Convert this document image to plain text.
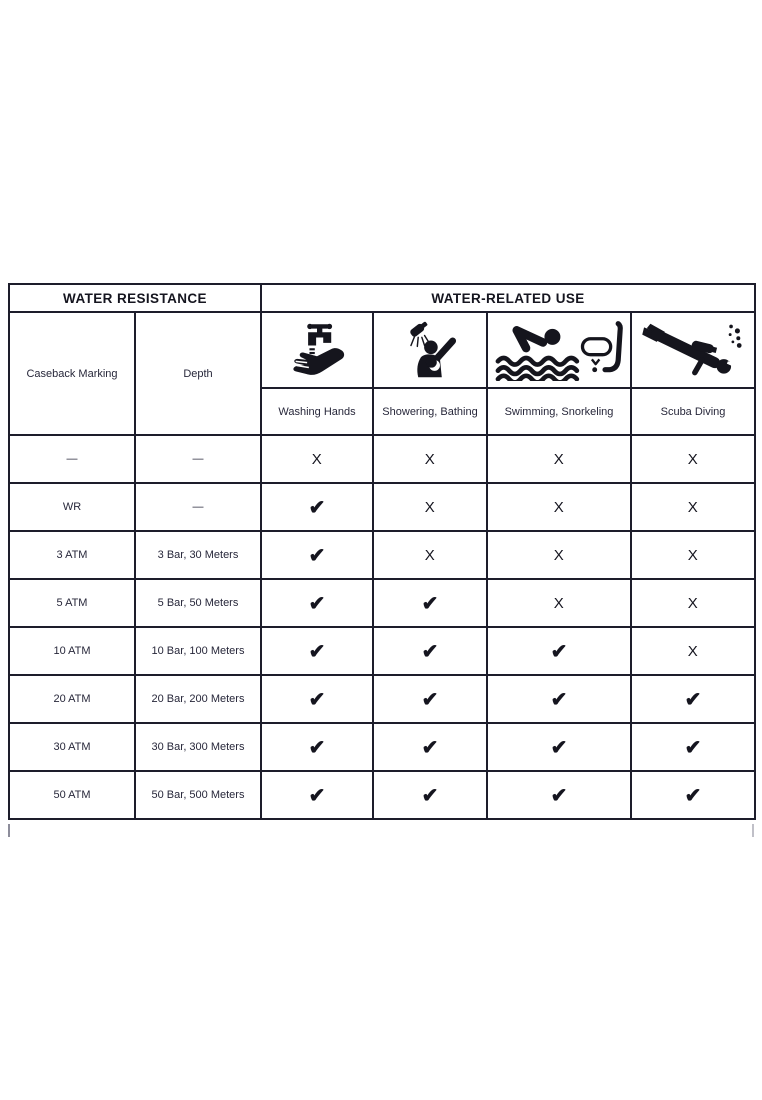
WATER RESISTANCE		WATER-RELATED USE			
Caseback Marking	Depth	

		Washing Hands	Showering, Bathing	Swimming, Snorkeling	Scuba Diving
—	—	X	X	X	X
WR	—	✔	X	X	X
3 ATM	3 Bar, 30 Meters	✔	X	X	X
5 ATM	5 Bar, 50 Meters	✔	✔	X	X
10 ATM	10 Bar, 100 Meters	✔	✔	✔	X
20 ATM	20 Bar, 200 Meters	✔	✔	✔	✔
30 ATM	30 Bar, 300 Meters	✔	✔	✔	✔
50 ATM	50 Bar, 500 Meters	✔	✔	✔	✔
